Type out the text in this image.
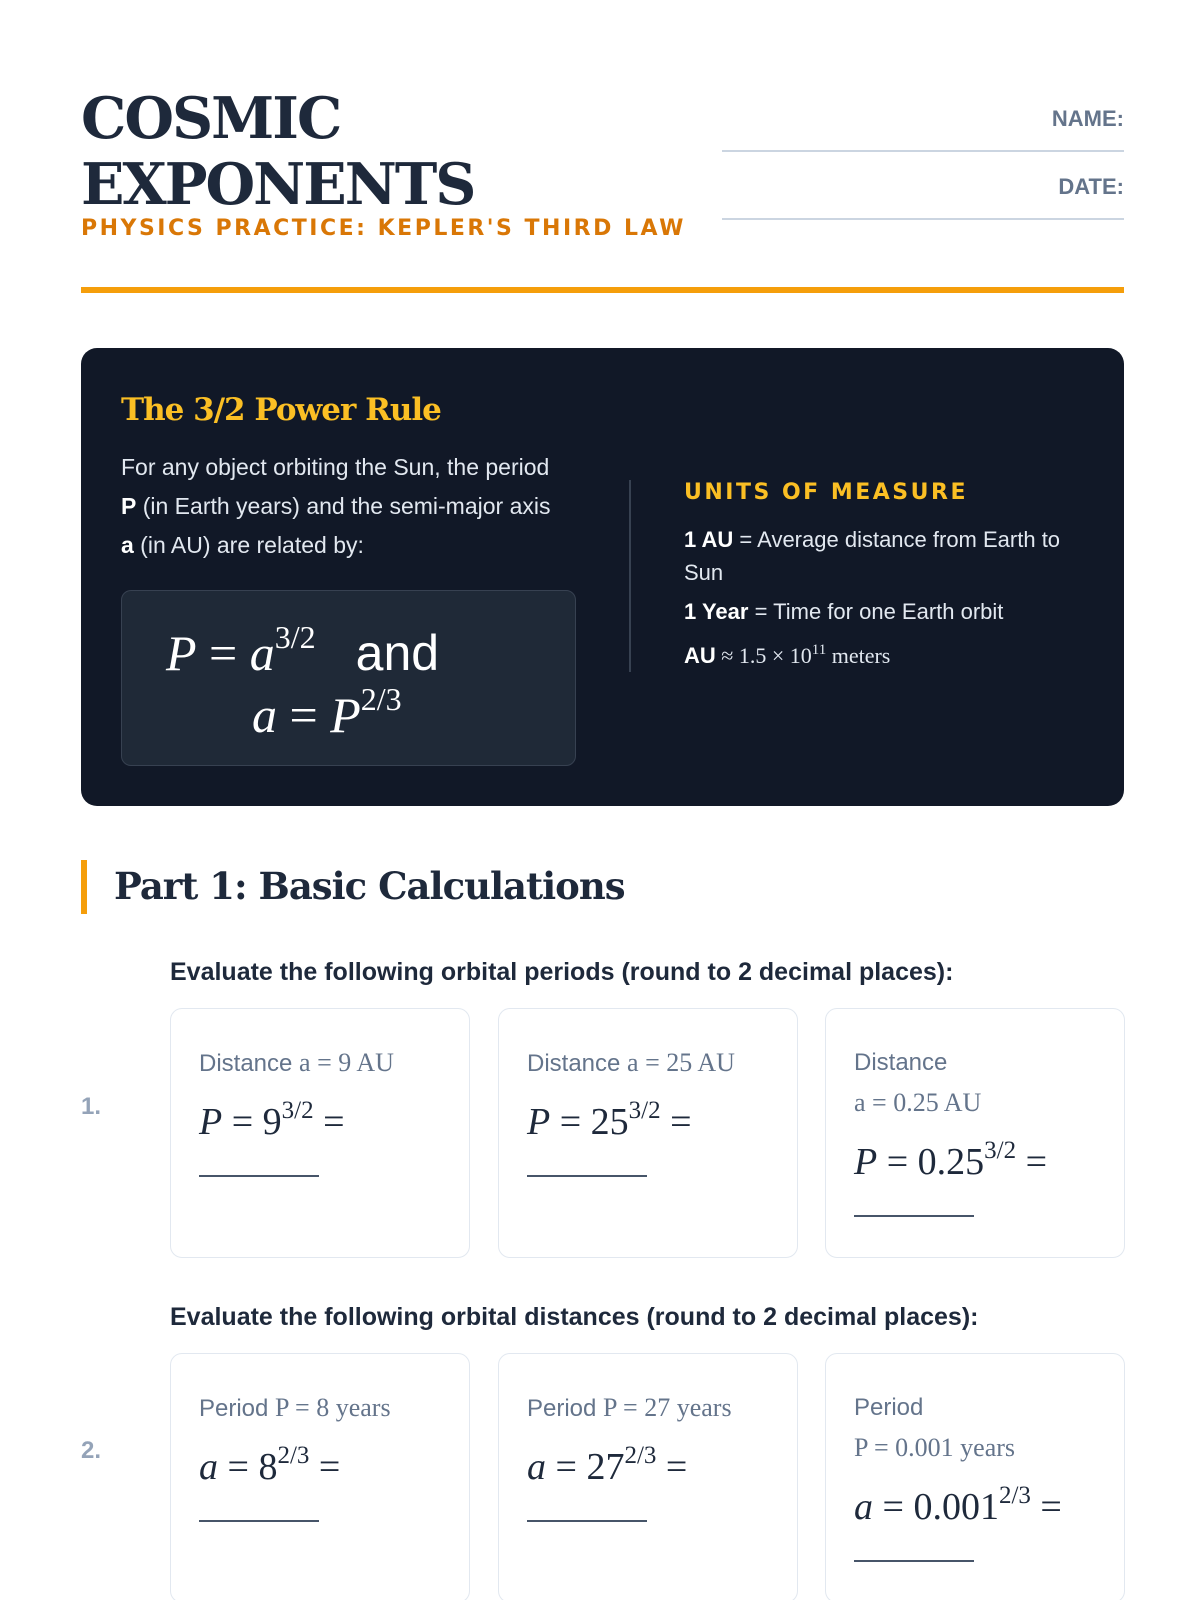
COSMIC
EXPONENTS
PHYSICS PRACTICE: KEPLER'S THIRD LAW
NAME:
DATE:
The 3/2 Power Rule
For any object orbiting the Sun, the period P (in Earth years) and the semi-major axis a (in AU) are related by:
$P = a^{3/2}$ and
$a = P^{2/3}$
UNITS OF MEASURE
1 AU = Average distance from Earth to Sun
1 Year = Time for one Earth orbit
AU ≈ $1.5 \times 10^{11}$ meters
Part 1: Basic Calculations
Evaluate the following orbital periods (round to 2 decimal places):
1.
Distance a = 9 AU
$P = 9^{3/2}$ =
Distance a = 25 AU
$P = 25^{3/2}$ =
Distance
a = 0.25 AU
$P = 0.25^{3/2}$ =
Evaluate the following orbital distances (round to 2 decimal places):
2.
Period P = 8 years
$a = 8^{2/3}$ =
Period P = 27 years
$a = 27^{2/3}$ =
Period
P = 0.001 years
$a = 0.001^{2/3}$ =
